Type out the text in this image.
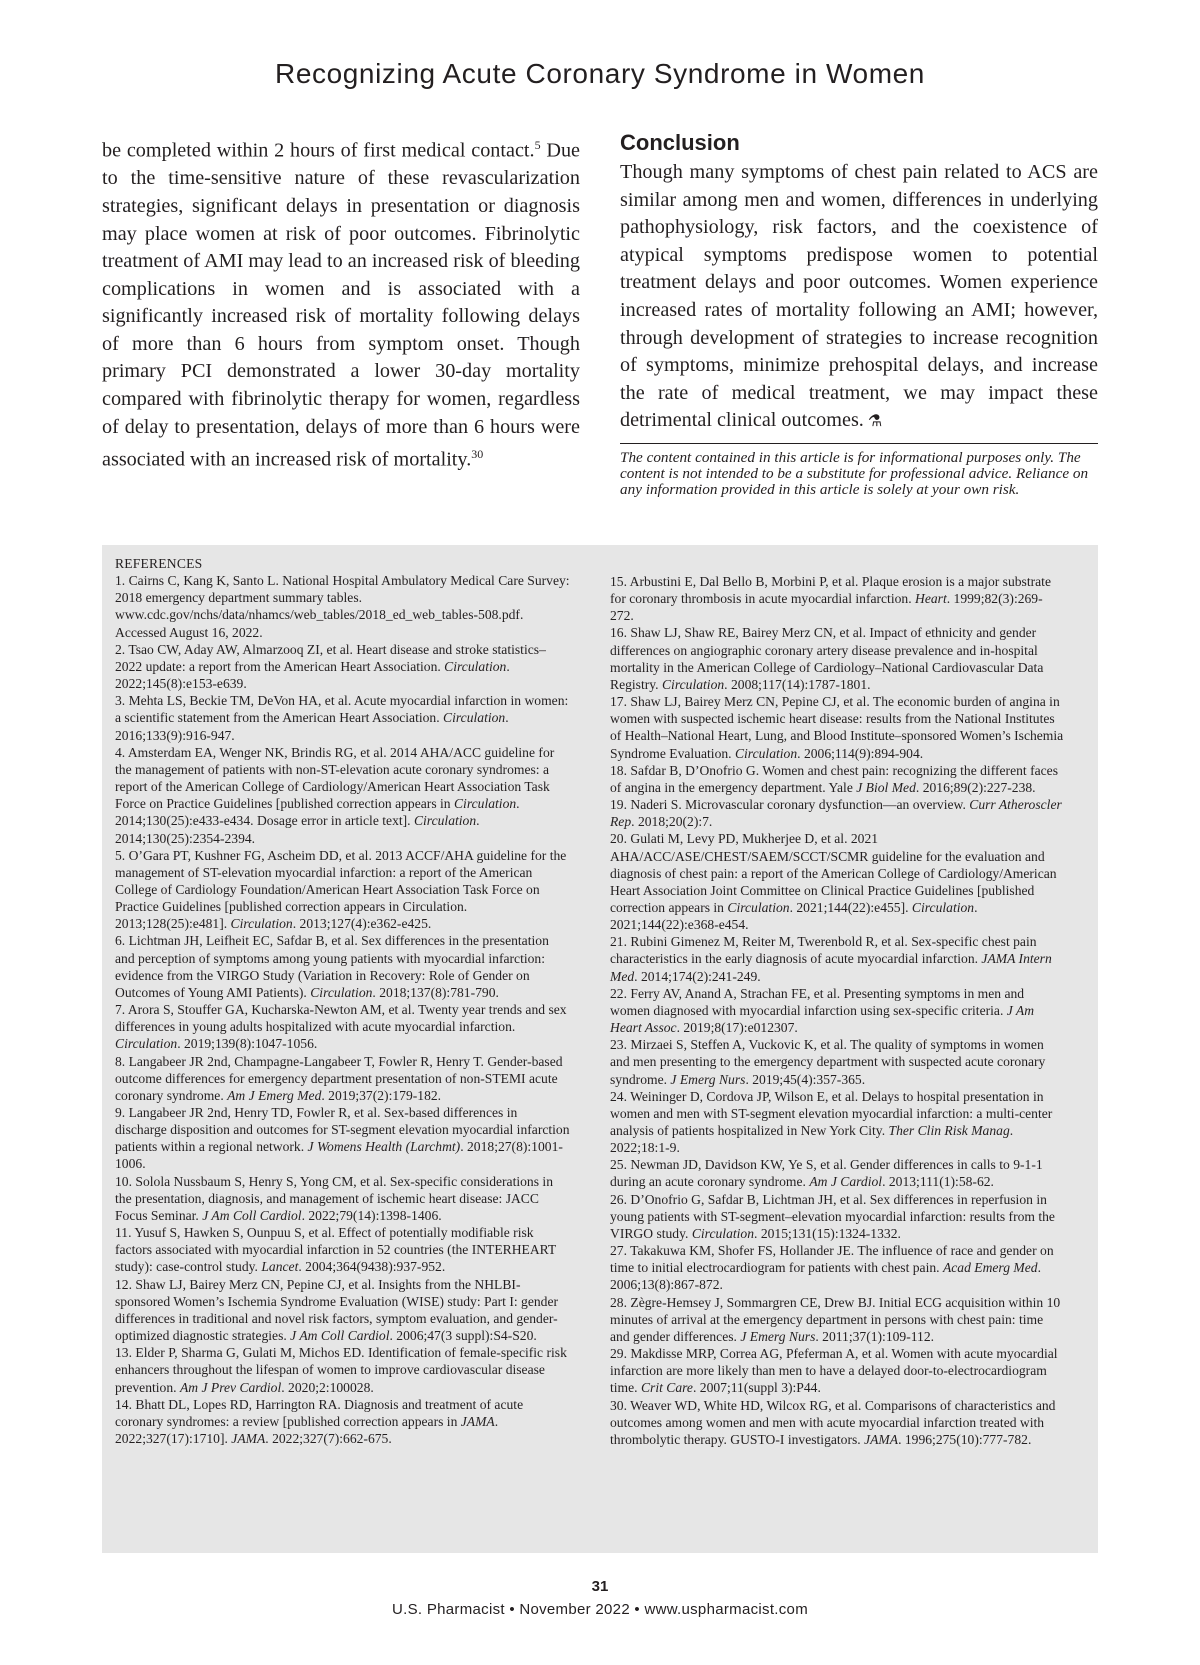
Recognizing Acute Coronary Syndrome in Women

be completed within 2 hours of first medical contact.$^5$ Due to the time-sensitive nature of these revascularization strategies, significant delays in presentation or diagnosis may place women at risk of poor outcomes. Fibrinolytic treatment of AMI may lead to an increased risk of bleeding complications in women and is associated with a significantly increased risk of mortality following delays of more than 6 hours from symptom onset. Though primary PCI demonstrated a lower 30-day mortality compared with fibrinolytic therapy for women, regardless of delay to presentation, delays of more than 6 hours were associated with an increased risk of mortality.$^{30}$

Conclusion

Though many symptoms of chest pain related to ACS are similar among men and women, differences in underlying pathophysiology, risk factors, and the coexistence of atypical symptoms predispose women to potential treatment delays and poor outcomes. Women experience increased rates of mortality following an AMI; however, through development of strategies to increase recognition of symptoms, minimize prehospital delays, and increase the rate of medical treatment, we may impact these detrimental clinical outcomes. ⚗

The content contained in this article is for informational purposes only. The content is not intended to be a substitute for professional advice. Reliance on any information provided in this article is solely at your own risk.

REFERENCES

1. Cairns C, Kang K, Santo L. National Hospital Ambulatory Medical Care Survey: 2018 emergency department summary tables. www.cdc.gov/nchs/data/nhamcs/web_tables/2018_ed_web_tables-508.pdf. Accessed August 16, 2022.

2. Tsao CW, Aday AW, Almarzooq ZI, et al. Heart disease and stroke statistics–2022 update: a report from the American Heart Association. Circulation. 2022;145(8):e153-e639.

3. Mehta LS, Beckie TM, DeVon HA, et al. Acute myocardial infarction in women: a scientific statement from the American Heart Association. Circulation. 2016;133(9):916-947.

4. Amsterdam EA, Wenger NK, Brindis RG, et al. 2014 AHA/ACC guideline for the management of patients with non-ST-elevation acute coronary syndromes: a report of the American College of Cardiology/American Heart Association Task Force on Practice Guidelines [published correction appears in Circulation. 2014;130(25):e433-e434. Dosage error in article text]. Circulation. 2014;130(25):2354-2394.

5. O’Gara PT, Kushner FG, Ascheim DD, et al. 2013 ACCF/AHA guideline for the management of ST-elevation myocardial infarction: a report of the American College of Cardiology Foundation/American Heart Association Task Force on Practice Guidelines [published correction appears in Circulation. 2013;128(25):e481]. Circulation. 2013;127(4):e362-e425.

6. Lichtman JH, Leifheit EC, Safdar B, et al. Sex differences in the presentation and perception of symptoms among young patients with myocardial infarction: evidence from the VIRGO Study (Variation in Recovery: Role of Gender on Outcomes of Young AMI Patients). Circulation. 2018;137(8):781-790.

7. Arora S, Stouffer GA, Kucharska-Newton AM, et al. Twenty year trends and sex differences in young adults hospitalized with acute myocardial infarction. Circulation. 2019;139(8):1047-1056.

8. Langabeer JR 2nd, Champagne-Langabeer T, Fowler R, Henry T. Gender-based outcome differences for emergency department presentation of non-STEMI acute coronary syndrome. Am J Emerg Med. 2019;37(2):179-182.

9. Langabeer JR 2nd, Henry TD, Fowler R, et al. Sex-based differences in discharge disposition and outcomes for ST-segment elevation myocardial infarction patients within a regional network. J Womens Health (Larchmt). 2018;27(8):1001-1006.

10. Solola Nussbaum S, Henry S, Yong CM, et al. Sex-specific considerations in the presentation, diagnosis, and management of ischemic heart disease: JACC Focus Seminar. J Am Coll Cardiol. 2022;79(14):1398-1406.

11. Yusuf S, Hawken S, Ounpuu S, et al. Effect of potentially modifiable risk factors associated with myocardial infarction in 52 countries (the INTERHEART study): case-control study. Lancet. 2004;364(9438):937-952.

12. Shaw LJ, Bairey Merz CN, Pepine CJ, et al. Insights from the NHLBI-sponsored Women’s Ischemia Syndrome Evaluation (WISE) study: Part I: gender differences in traditional and novel risk factors, symptom evaluation, and gender-optimized diagnostic strategies. J Am Coll Cardiol. 2006;47(3 suppl):S4-S20.

13. Elder P, Sharma G, Gulati M, Michos ED. Identification of female-specific risk enhancers throughout the lifespan of women to improve cardiovascular disease prevention. Am J Prev Cardiol. 2020;2:100028.

14. Bhatt DL, Lopes RD, Harrington RA. Diagnosis and treatment of acute coronary syndromes: a review [published correction appears in JAMA. 2022;327(17):1710]. JAMA. 2022;327(7):662-675.

15. Arbustini E, Dal Bello B, Morbini P, et al. Plaque erosion is a major substrate for coronary thrombosis in acute myocardial infarction. Heart. 1999;82(3):269-272.

16. Shaw LJ, Shaw RE, Bairey Merz CN, et al. Impact of ethnicity and gender differences on angiographic coronary artery disease prevalence and in-hospital mortality in the American College of Cardiology–National Cardiovascular Data Registry. Circulation. 2008;117(14):1787-1801.

17. Shaw LJ, Bairey Merz CN, Pepine CJ, et al. The economic burden of angina in women with suspected ischemic heart disease: results from the National Institutes of Health–National Heart, Lung, and Blood Institute–sponsored Women’s Ischemia Syndrome Evaluation. Circulation. 2006;114(9):894-904.

18. Safdar B, D’Onofrio G. Women and chest pain: recognizing the different faces of angina in the emergency department. Yale J Biol Med. 2016;89(2):227-238.

19. Naderi S. Microvascular coronary dysfunction—an overview. Curr Atheroscler Rep. 2018;20(2):7.

20. Gulati M, Levy PD, Mukherjee D, et al. 2021 AHA/ACC/ASE/CHEST/SAEM/SCCT/SCMR guideline for the evaluation and diagnosis of chest pain: a report of the American College of Cardiology/American Heart Association Joint Committee on Clinical Practice Guidelines [published correction appears in Circulation. 2021;144(22):e455]. Circulation. 2021;144(22):e368-e454.

21. Rubini Gimenez M, Reiter M, Twerenbold R, et al. Sex-specific chest pain characteristics in the early diagnosis of acute myocardial infarction. JAMA Intern Med. 2014;174(2):241-249.

22. Ferry AV, Anand A, Strachan FE, et al. Presenting symptoms in men and women diagnosed with myocardial infarction using sex-specific criteria. J Am Heart Assoc. 2019;8(17):e012307.

23. Mirzaei S, Steffen A, Vuckovic K, et al. The quality of symptoms in women and men presenting to the emergency department with suspected acute coronary syndrome. J Emerg Nurs. 2019;45(4):357-365.

24. Weininger D, Cordova JP, Wilson E, et al. Delays to hospital presentation in women and men with ST-segment elevation myocardial infarction: a multi-center analysis of patients hospitalized in New York City. Ther Clin Risk Manag. 2022;18:1-9.

25. Newman JD, Davidson KW, Ye S, et al. Gender differences in calls to 9-1-1 during an acute coronary syndrome. Am J Cardiol. 2013;111(1):58-62.

26. D’Onofrio G, Safdar B, Lichtman JH, et al. Sex differences in reperfusion in young patients with ST-segment–elevation myocardial infarction: results from the VIRGO study. Circulation. 2015;131(15):1324-1332.

27. Takakuwa KM, Shofer FS, Hollander JE. The influence of race and gender on time to initial electrocardiogram for patients with chest pain. Acad Emerg Med. 2006;13(8):867-872.

28. Zègre-Hemsey J, Sommargren CE, Drew BJ. Initial ECG acquisition within 10 minutes of arrival at the emergency department in persons with chest pain: time and gender differences. J Emerg Nurs. 2011;37(1):109-112.

29. Makdisse MRP, Correa AG, Pfeferman A, et al. Women with acute myocardial infarction are more likely than men to have a delayed door-to-electrocardiogram time. Crit Care. 2007;11(suppl 3):P44.

30. Weaver WD, White HD, Wilcox RG, et al. Comparisons of characteristics and outcomes among women and men with acute myocardial infarction treated with thrombolytic therapy. GUSTO-I investigators. JAMA. 1996;275(10):777-782.

31
U.S. Pharmacist • November 2022 • www.uspharmacist.com
